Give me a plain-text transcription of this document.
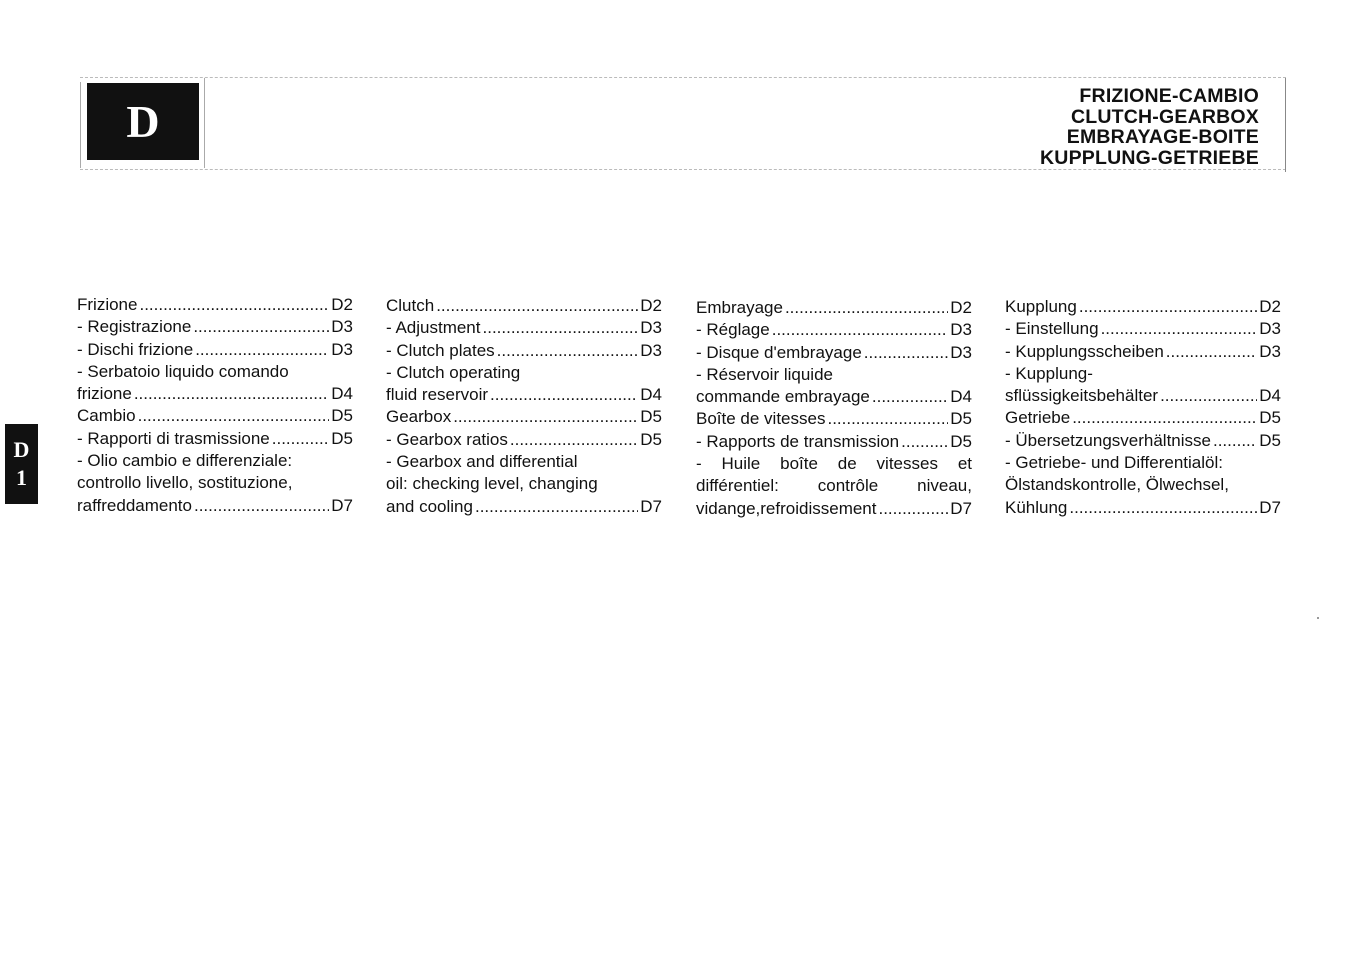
D	FRIZIONE-CAMBIO
CLUTCH-GEARBOX
EMBRAYAGE-BOITE
KUPPLUNG-GETRIEBE
D
1
Frizione .....	D2
- Registrazione .....	D3
- Dischi frizione .....	D3
- Serbatoio liquido comando
frizione .....	D4
Cambio .....	D5
- Rapporti di trasmissione .....	D5
- Olio cambio e differenziale:
controllo livello, sostituzione,
raffreddamento .....	D7
Clutch .....	D2
- Adjustment .....	D3
- Clutch plates .....	D3
- Clutch operating
fluid reservoir .....	D4
Gearbox .....	D5
- Gearbox ratios .....	D5
- Gearbox and differential
oil: checking level, changing
and cooling .....	D7
Embrayage .....	D2
- Réglage .....	D3
- Disque d'embrayage .....	D3
- Réservoir liquide
commande embrayage .....	D4
Boîte de vitesses .....	D5
- Rapports de transmission .....	D5
- Huile boîte de vitesses et
différentiel: contrôle niveau,
vidange,refroidissement .....	D7
Kupplung .....	D2
- Einstellung .....	D3
- Kupplungsscheiben .....	D3
- Kupplung-
sflüssigkeitsbehälter .....	D4
Getriebe .....	D5
- Übersetzungsverhältnisse .....	D5
- Getriebe- und Differentialöl:
Ölstandskontrolle, Ölwechsel,
Kühlung .....	D7
